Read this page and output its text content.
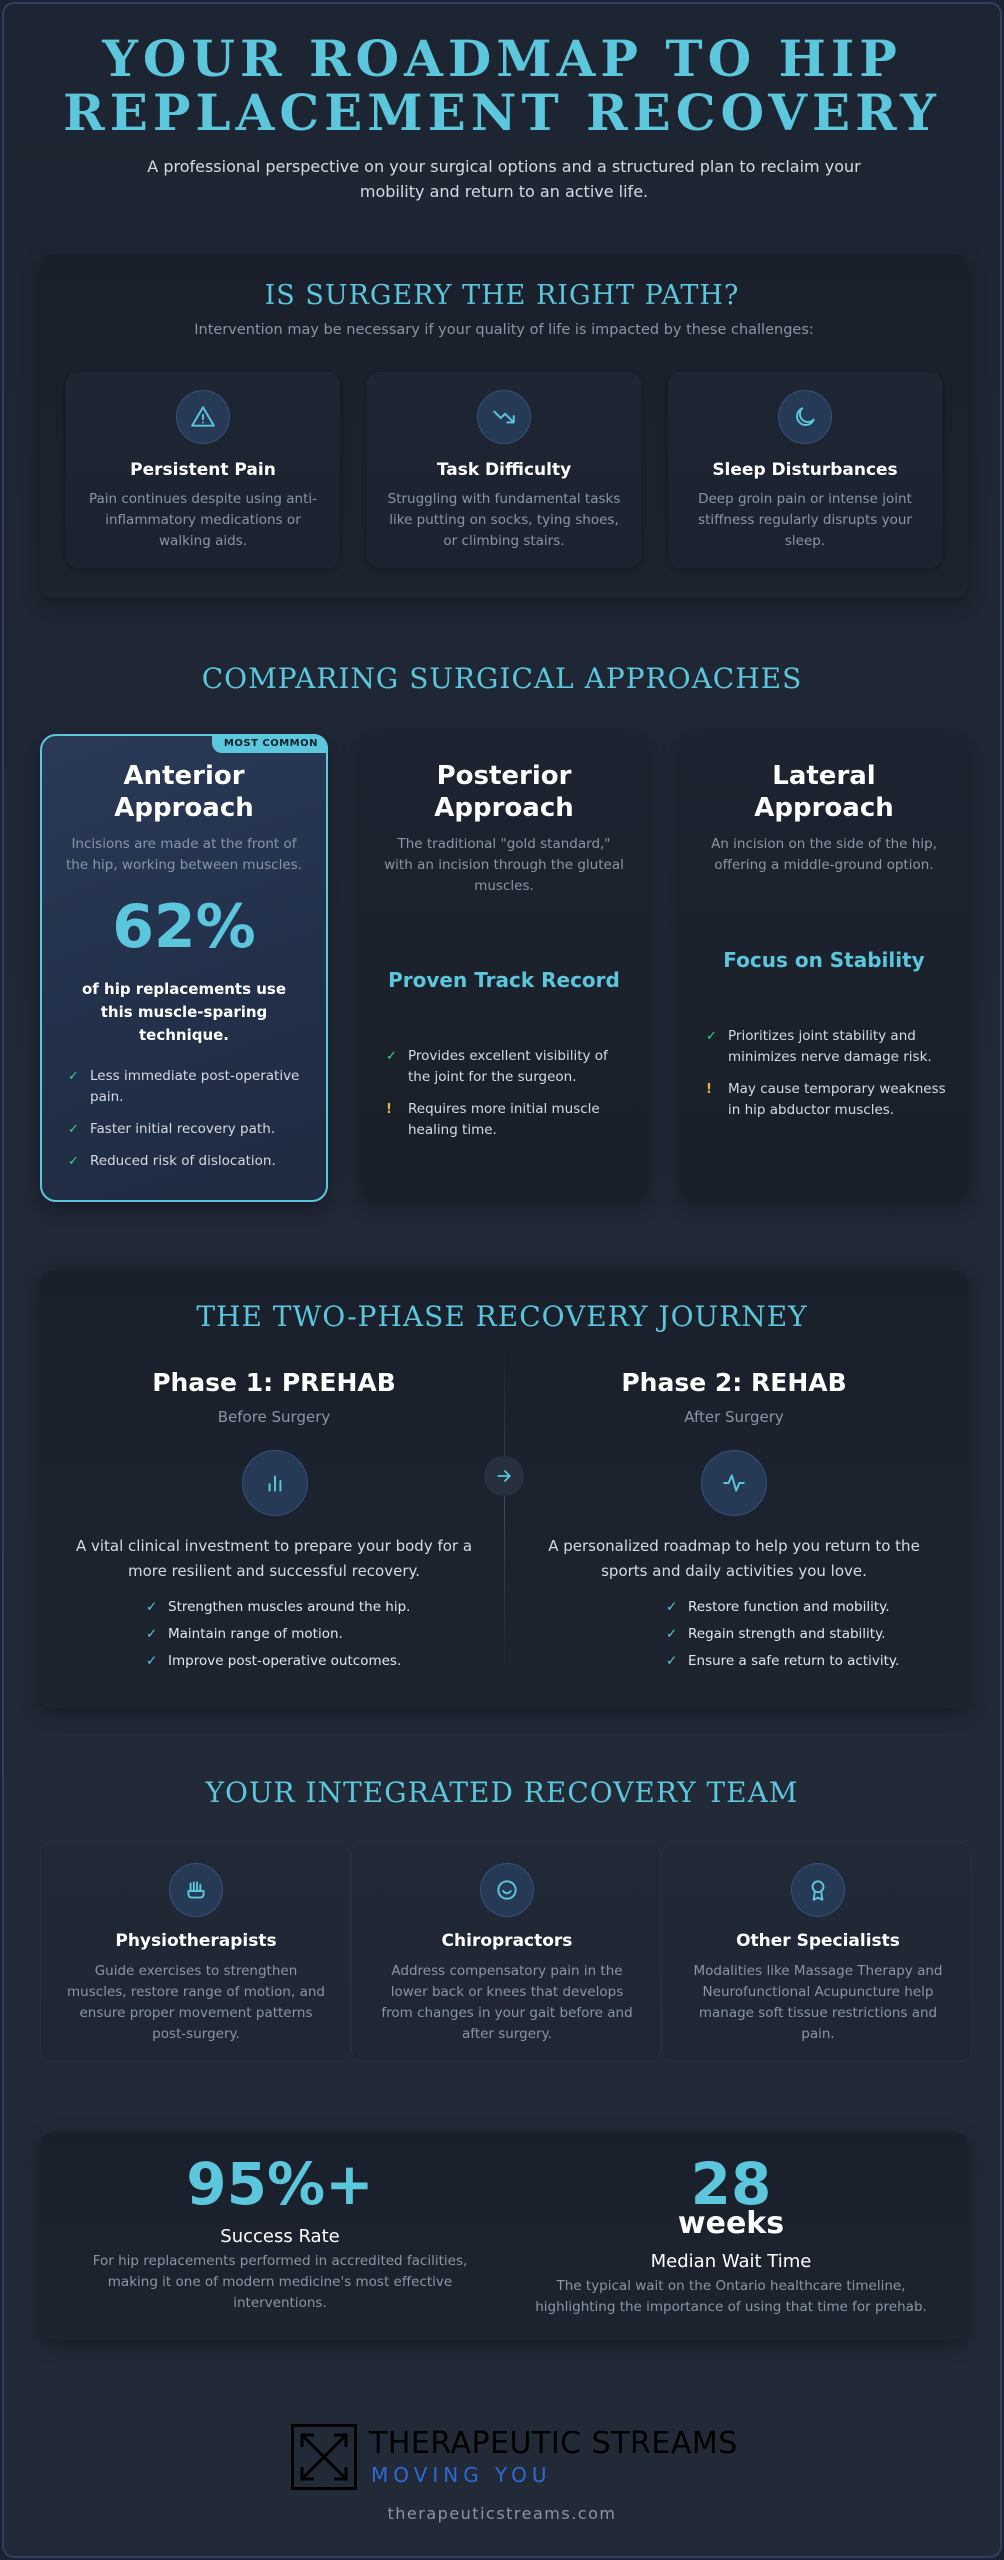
YOUR ROADMAP TO HIP
REPLACEMENT RECOVERY
A professional perspective on your surgical options and a structured plan to reclaim your mobility and return to an active life.
IS SURGERY THE RIGHT PATH?
Intervention may be necessary if your quality of life is impacted by these challenges:
Persistent Pain
Pain continues despite using anti-inflammatory medications or walking aids.
Task Difficulty
Struggling with fundamental tasks like putting on socks, tying shoes, or climbing stairs.
Sleep Disturbances
Deep groin pain or intense joint stiffness regularly disrupts your sleep.
COMPARING SURGICAL APPROACHES
MOST COMMON
Anterior
Approach
Incisions are made at the front of the hip, working between muscles.
62%
of hip replacements use this muscle-sparing technique.
✓ Less immediate post-operative pain.
✓ Faster initial recovery path.
✓ Reduced risk of dislocation.
Posterior
Approach
The traditional "gold standard," with an incision through the gluteal muscles.
Proven Track Record
✓ Provides excellent visibility of the joint for the surgeon.
! Requires more initial muscle healing time.
Lateral
Approach
An incision on the side of the hip, offering a middle-ground option.
Focus on Stability
✓ Prioritizes joint stability and minimizes nerve damage risk.
! May cause temporary weakness in hip abductor muscles.
THE TWO-PHASE RECOVERY JOURNEY
Phase 1: PREHAB
Before Surgery
A vital clinical investment to prepare your body for a more resilient and successful recovery.
✓ Strengthen muscles around the hip.
✓ Maintain range of motion.
✓ Improve post-operative outcomes.
Phase 2: REHAB
After Surgery
A personalized roadmap to help you return to the sports and daily activities you love.
✓ Restore function and mobility.
✓ Regain strength and stability.
✓ Ensure a safe return to activity.
YOUR INTEGRATED RECOVERY TEAM
Physiotherapists
Guide exercises to strengthen muscles, restore range of motion, and ensure proper movement patterns post-surgery.
Chiropractors
Address compensatory pain in the lower back or knees that develops from changes in your gait before and after surgery.
Other Specialists
Modalities like Massage Therapy and Neurofunctional Acupuncture help manage soft tissue restrictions and pain.
95%+
Success Rate
For hip replacements performed in accredited facilities, making it one of modern medicine's most effective interventions.
28
weeks
Median Wait Time
The typical wait on the Ontario healthcare timeline, highlighting the importance of using that time for prehab.
THERAPEUTIC STREAMS
MOVING YOU
therapeuticstreams.com
